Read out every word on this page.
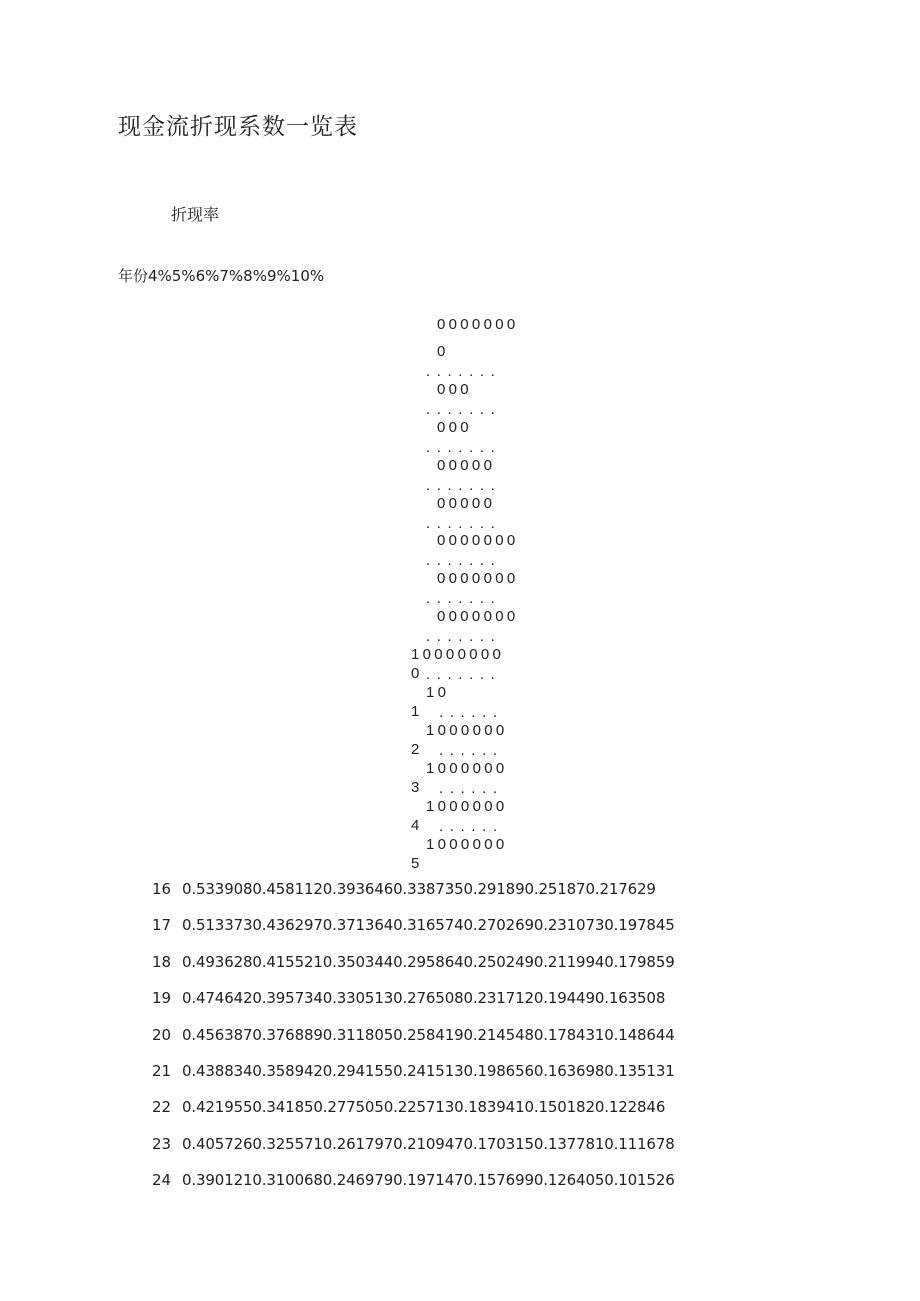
现金流折现系数一览表
折现率
年份4%5%6%7%8%9%10%
0000000
0
.......
000
.......
000
.......
00000
.......
00000
.......
0000000
.......
0000000
.......
0000000
.......
10000000
0 .......
10
1 ......
1000000
2 ......
1000000
3 ......
1000000
4 ......
1000000
5
16 0.5339080.4581120.3936460.3387350.291890.251870.217629
17 0.5133730.4362970.3713640.3165740.2702690.2310730.197845
18 0.4936280.4155210.3503440.2958640.2502490.2119940.179859
19 0.4746420.3957340.3305130.2765080.2317120.194490.163508
20 0.4563870.3768890.3118050.2584190.2145480.1784310.148644
21 0.4388340.3589420.2941550.2415130.1986560.1636980.135131
22 0.4219550.341850.2775050.2257130.1839410.1501820.122846
23 0.4057260.3255710.2617970.2109470.1703150.1377810.111678
24 0.3901210.3100680.2469790.1971470.1576990.1264050.101526
